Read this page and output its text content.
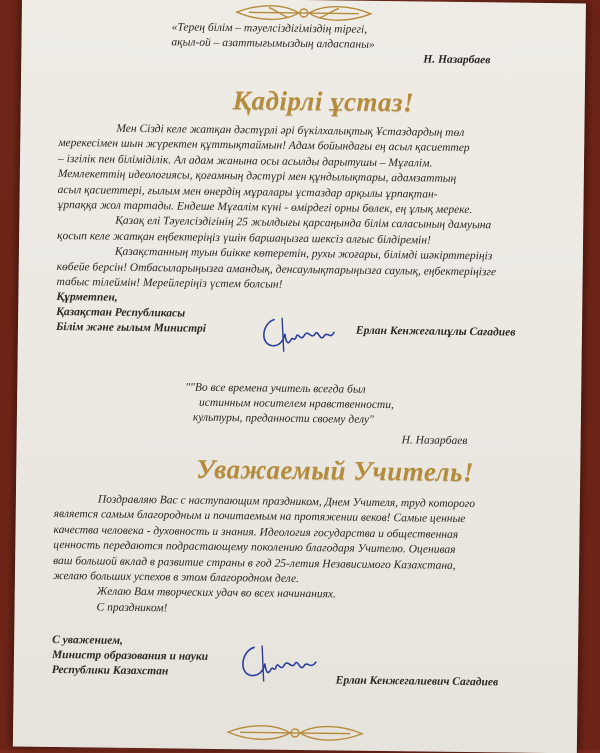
«Терең білім – тәуелсіздігіміздің тірегі,
ақыл-ой – азаттығымыздың алдаспаны»
Н. Назарбаев
Қадірлі ұстаз!
Мен Сізді келе жатқан дәстүрлі әрі бүкілхалықтық Ұстаздардың төл
мерекесімен шын жүректен құттықтаймын! Адам бойындағы ең асыл қасиеттер
– ізгілік пен біліміділік. Ал адам жанына осы асылды дарытушы – Мұғалім.
Мемлекеттің идеологиясы, қоғамның дәстүрі мен құндылықтары, адамзаттың
асыл қасиеттері, ғылым мен өнердің мұралары ұстаздар арқылы ұрпақтан-
ұрпаққа жол тартады. Ендеше Мұғалім күні - өмірдегі орны бөлек, ең ұлық мереке.
Қазақ елі Тәуелсіздігінің 25 жылдығы қарсаңында білім саласының дамуына
қосып келе жатқан еңбектеріңіз үшін баршаңызға шексіз алғыс білдіремін!
Қазақстанның туын биікке көтеретін, рухы жоғары, білімді шәкірттеріңіз
көбейе берсін! Отбасыларыңызға амандық, денсаулықтарыңызға саулық, еңбектеріңізге
табыс тілеймін! Мерейлеріңіз үстем болсын!
Құрметпен,
Қазақстан Республикасы
Білім және ғылым Министрі	Ерлан Кенжегалиұлы Сағадиев
""Во все времена учитель всегда был
истинным носителем нравственности,
культуры, преданности своему делу"
Н. Назарбаев
Уважаемый Учитель!
Поздравляю Вас с наступающим праздником, Днем Учителя, труд которого
является самым благородным и почитаемым на протяжении веков! Самые ценные
качества человека - духовность и знания. Идеология государства и общественная
ценность передаются подрастающему поколению благодаря Учителю. Оценивая
ваш большой вклад в развитие страны в год 25-летия Независимого Казахстана,
желаю больших успехов в этом благородном деле.
Желаю Вам творческих удач во всех начинаниях.
С праздником!
С уважением,
Министр образования и науки
Республики Казахстан
Ерлан Кенжегалиевич Сагадиев
